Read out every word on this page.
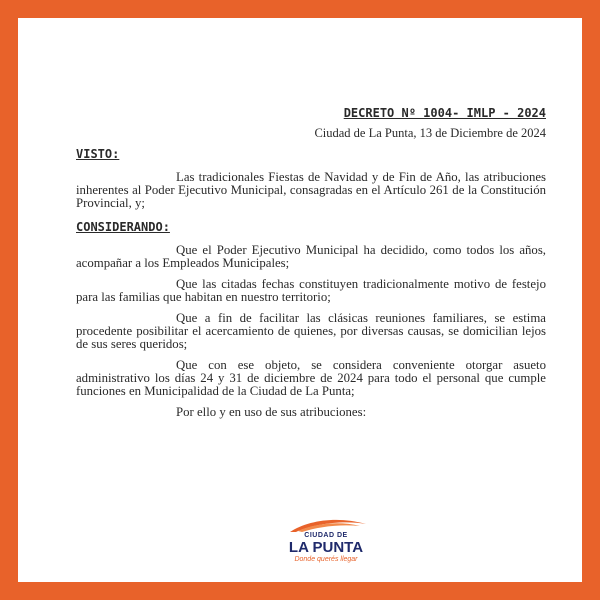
DECRETO Nº 1004- IMLP - 2024
Ciudad de La Punta, 13 de Diciembre de 2024
VISTO:
Las tradicionales Fiestas de Navidad y de Fin de Año, las atribuciones inherentes al Poder Ejecutivo Municipal, consagradas en el Artículo 261 de la Constitución Provincial, y;
CONSIDERANDO:
Que el Poder Ejecutivo Municipal ha decidido, como todos los años, acompañar a los Empleados Municipales;
Que las citadas fechas constituyen tradicionalmente motivo de festejo para las familias que habitan en nuestro territorio;
Que a fin de facilitar las clásicas reuniones familiares, se estima procedente posibilitar el acercamiento de quienes, por diversas causas, se domicilian lejos de sus seres queridos;
Que con ese objeto, se considera conveniente otorgar asueto administrativo los días 24 y 31 de diciembre de 2024 para todo el personal que cumple funciones en Municipalidad de la Ciudad de La Punta;
Por ello y en uso de sus atribuciones:
CIUDAD DE
LA PUNTA
Donde querés llegar
